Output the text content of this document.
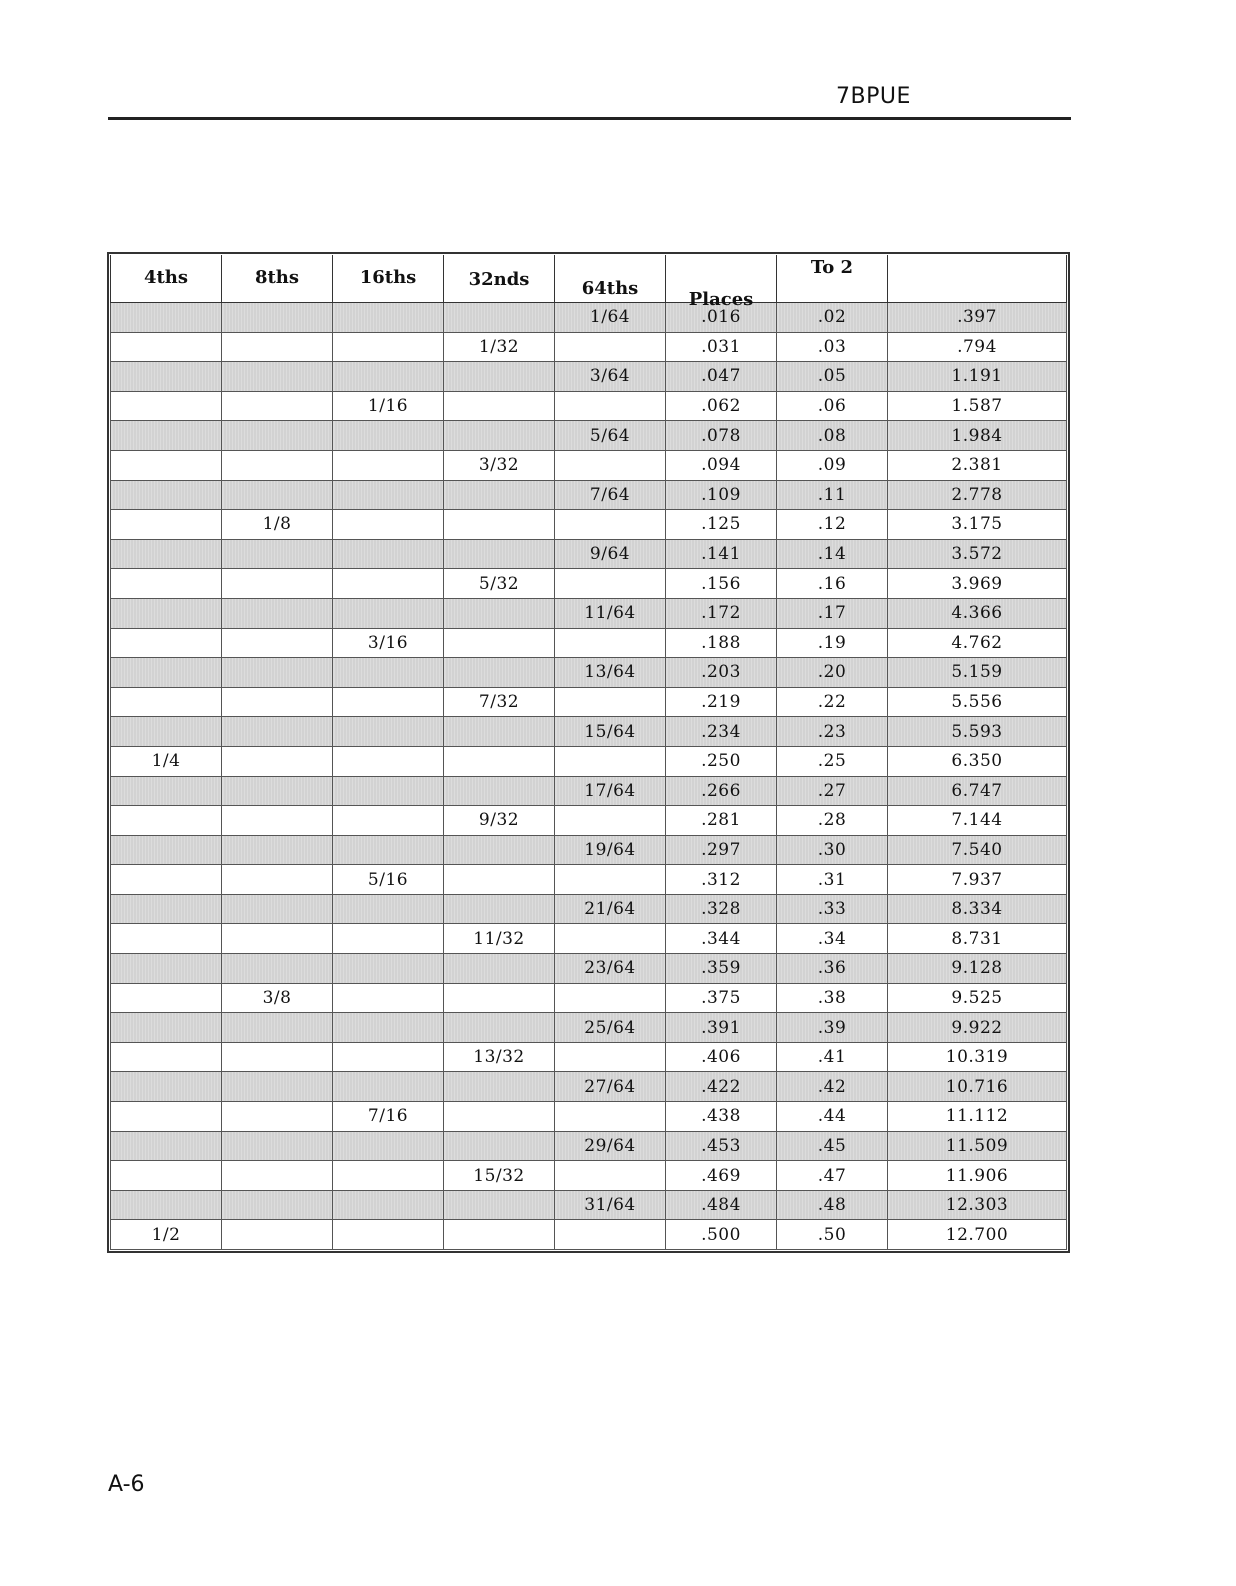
7BPUE
4ths	8ths	16ths	32nds	64ths	Places	To 2	

				1/64	.016	.02	.397
			1/32		.031	.03	.794
				3/64	.047	.05	1.191
		1/16			.062	.06	1.587
				5/64	.078	.08	1.984
			3/32		.094	.09	2.381
				7/64	.109	.11	2.778
	1/8				.125	.12	3.175
				9/64	.141	.14	3.572
			5/32		.156	.16	3.969
				11/64	.172	.17	4.366
		3/16			.188	.19	4.762
				13/64	.203	.20	5.159
			7/32		.219	.22	5.556
				15/64	.234	.23	5.593
1/4					.250	.25	6.350
				17/64	.266	.27	6.747
			9/32		.281	.28	7.144
				19/64	.297	.30	7.540
		5/16			.312	.31	7.937
				21/64	.328	.33	8.334
			11/32		.344	.34	8.731
				23/64	.359	.36	9.128
	3/8				.375	.38	9.525
				25/64	.391	.39	9.922
			13/32		.406	.41	10.319
				27/64	.422	.42	10.716
		7/16			.438	.44	11.112
				29/64	.453	.45	11.509
			15/32		.469	.47	11.906
				31/64	.484	.48	12.303
1/2					.500	.50	12.700
A-6
